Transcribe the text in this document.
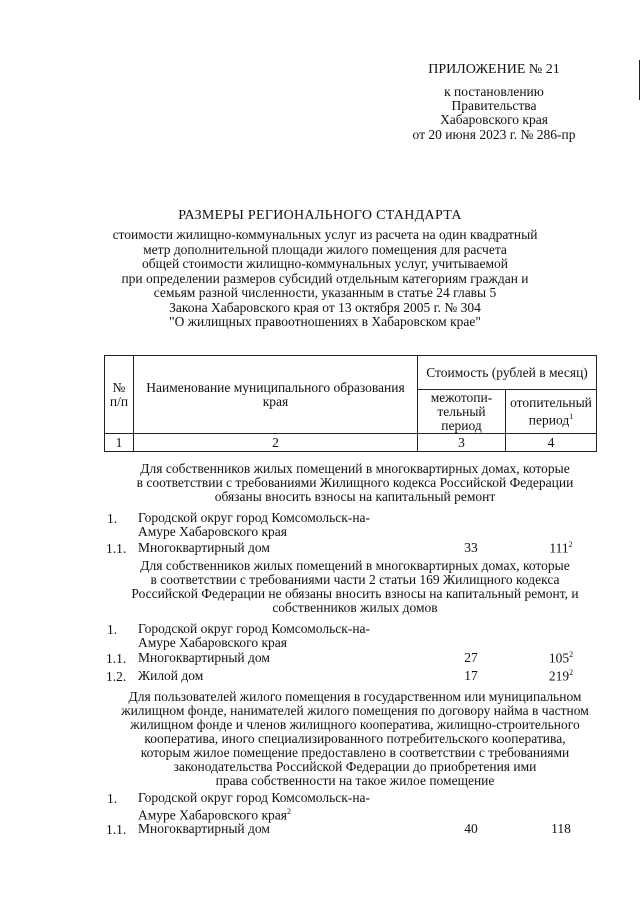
ПРИЛОЖЕНИЕ № 21
к постановлению
Правительства
Хабаровского края
от 20 июня 2023 г. № 286-пр
РАЗМЕРЫ РЕГИОНАЛЬНОГО СТАНДАРТА
стоимости жилищно-коммунальных услуг из расчета на один квадратный
метр дополнительной площади жилого помещения для расчета
общей стоимости жилищно-коммунальных услуг, учитываемой
при определении размеров субсидий отдельным категориям граждан и
семьям разной численности, указанным в статье 24 главы 5
Закона Хабаровского края от 13 октября 2005 г. № 304
"О жилищных правоотношениях в Хабаровском крае"
№ п/п	Наименование муниципального образования края	Стоимость (рублей в месяц)	
		межотопи-тельный период	отопительный период$^1$
1	2	3	4
Для собственников жилых помещений в многоквартирных домах, которые
в соответствии с требованиями Жилищного кодекса Российской Федерации
обязаны вносить взносы на капитальный ремонт
1.	Городской округ город Комсомольск-на-
Амуре Хабаровского края
1.1. Многоквартирный дом	33	$111^2$
Для собственников жилых помещений в многоквартирных домах, которые
в соответствии с требованиями части 2 статьи 169 Жилищного кодекса
Российской Федерации не обязаны вносить взносы на капитальный ремонт, и
собственников жилых домов
1.	Городской округ город Комсомольск-на-
Амуре Хабаровского края
1.1. Многоквартирный дом	27	$105^2$
1.2. Жилой дом	17	$219^2$
Для пользователей жилого помещения в государственном или муниципальном
жилищном фонде, нанимателей жилого помещения по договору найма в частном
жилищном фонде и членов жилищного кооператива, жилищно-строительного
кооператива, иного специализированного потребительского кооператива,
которым жилое помещение предоставлено в соответствии с требованиями
законодательства Российской Федерации до приобретения ими
права собственности на такое жилое помещение
1.	Городской округ город Комсомольск-на-
Амуре Хабаровского края$^2$
1.1. Многоквартирный дом	40	118
